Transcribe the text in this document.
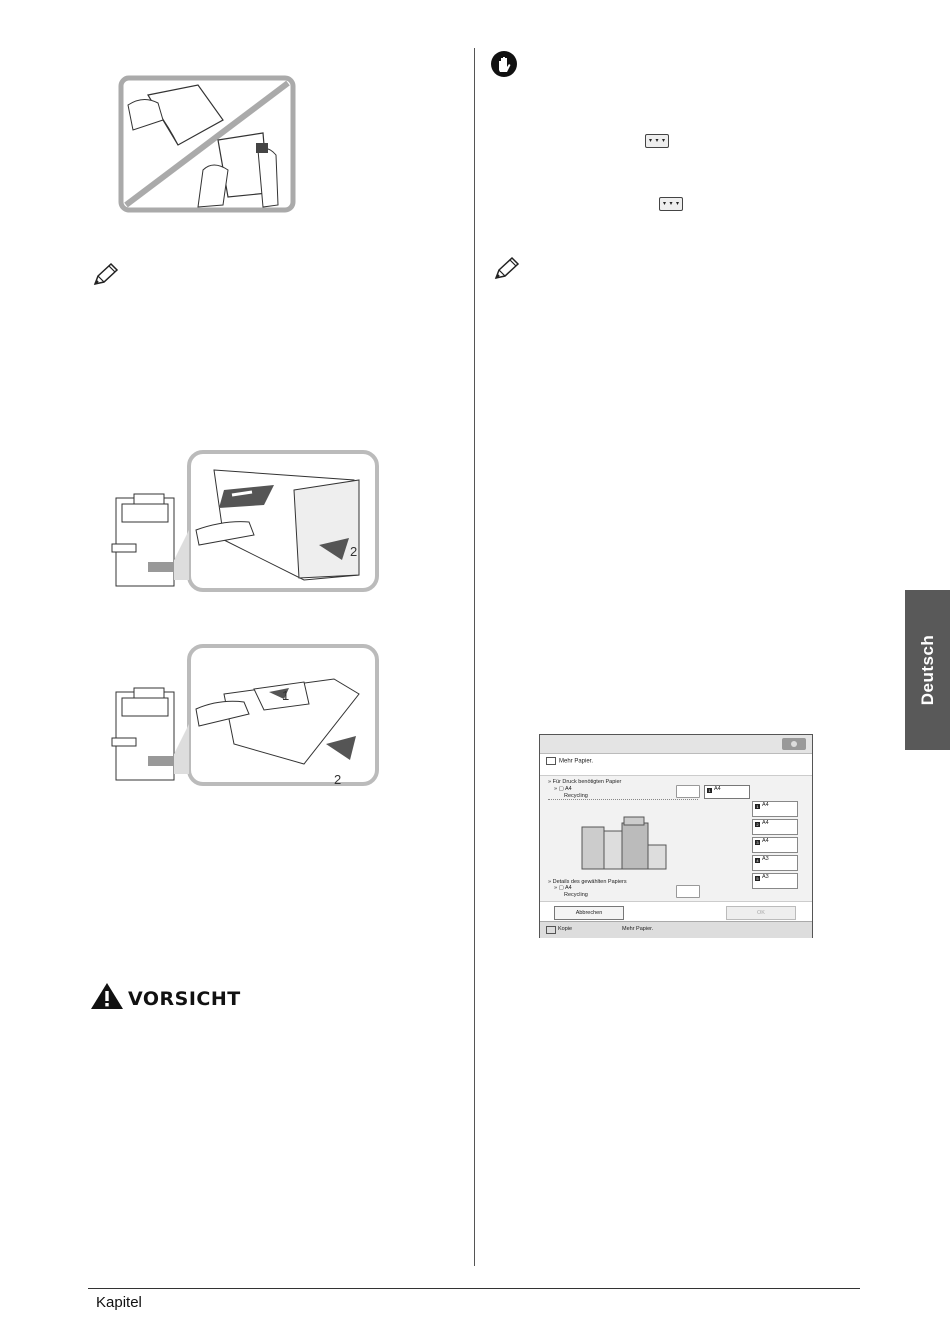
2
1
2
VORSICHT
Mehr Papier.
» Für Druck benötigten Papier
» ▢ A4
Recycling
1 A4
1 A4
2 A4
3 A4
4 A3
5 A3
» Details des gewählten Papiers
» ▢ A4
Recycling
Abbrechen	OK
Kopie	Mehr Papier.
Deutsch
Kapitel
